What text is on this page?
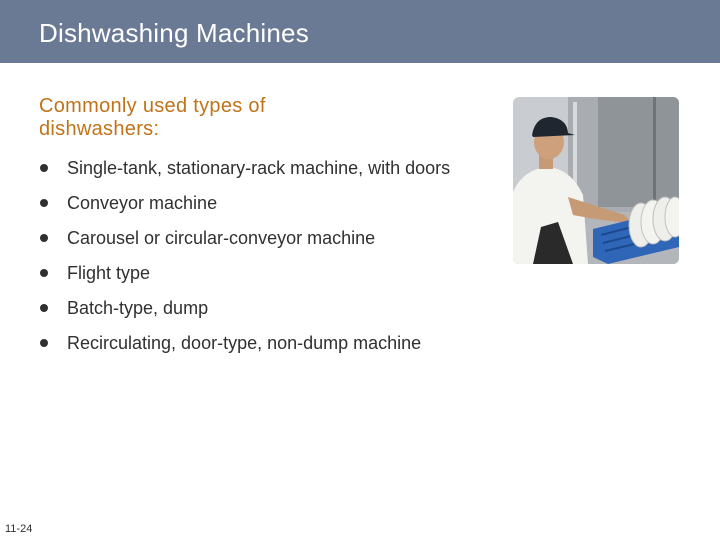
Dishwashing Machines
Commonly used types of dishwashers:
Single-tank, stationary-rack machine, with doors
Conveyor machine
Carousel or circular-conveyor machine
Flight type
Batch-type, dump
Recirculating, door-type, non-dump machine
11-24
